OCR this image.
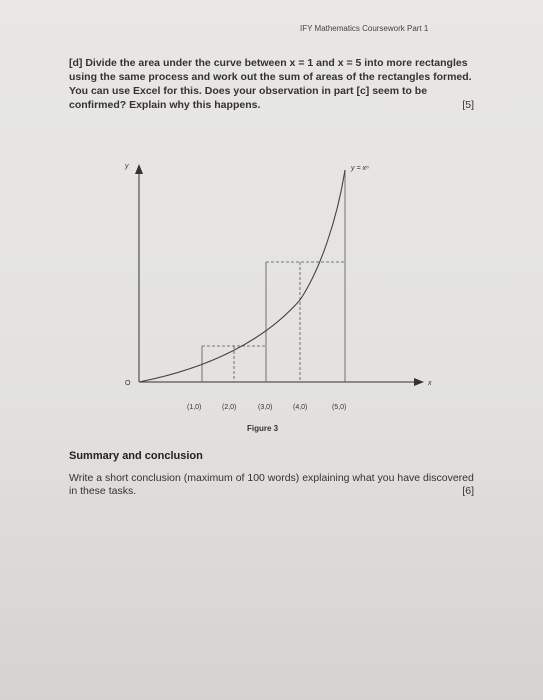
IFY Mathematics Coursework Part 1
[d] Divide the area under the curve between x = 1 and x = 5 into more rectangles using the same process and work out the sum of areas of the rectangles formed. You can use Excel for this. Does your observation in part [c] seem to be confirmed? Explain why this happens.	[5]
O
y
x
y = xⁿ
(1,0)	(2,0)	(3,0)	(4,0)	(5,0)
Figure 3
Summary and conclusion
Write a short conclusion (maximum of 100 words) explaining what you have discovered in these tasks.	[6]
